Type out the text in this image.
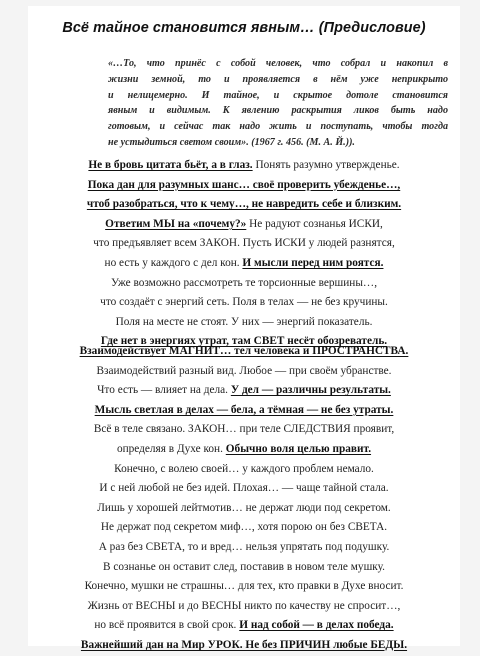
Всё тайное становится явным… (Предисловие)
«…То, что принёс с собой человек, что собрал и накопил в
жизни земной, то и проявляется в нём уже неприкрыто
и нелицемерно. И тайное, и скрытое дотоле становится
явным и видимым. К явлению раскрытия ликов быть надо
готовым, и сейчас так надо жить и поступать, чтобы тогда
не устыдиться светом своим». (1967 г. 456. (М. А. Й.)).
Не в бровь цитата бьёт, а в глаз. Понять разумно утвержденье.
Пока дан для разумных шанс… своё проверить убежденье…,
чтоб разобраться, что к чему…, не навредить себе и близким.
Ответим МЫ на «почему?» Не радуют сознанья ИСКИ,
что предъявляет всем ЗАКОН. Пусть ИСКИ у людей разнятся,
но есть у каждого с дел кон. И мысли перед ним роятся.
Уже возможно рассмотреть те торсионные вершины…,
что создаёт с энергий сеть. Поля в телах — не без кручины.
Поля на месте не стоят. У них — энергий показатель.
Где нет в энергиях утрат, там СВЕТ несёт обозреватель.
Взаимодействует МАГНИТ… тел человека и ПРОСТРАНСТВА.
Взаимодействий разный вид. Любое — при своём убранстве.
Что есть — влияет на дела. У дел — различны результаты.
Мысль светлая в делах — бела, а тёмная — не без утраты.
Всё в теле связано. ЗАКОН… при теле СЛЕДСТВИЯ проявит,
определяя в Духе кон. Обычно воля целью правит.
Конечно, с волею своей… у каждого проблем немало.
И с ней любой не без идей. Плохая… — чаще тайной стала.
Лишь у хорошей лейтмотив… не держат люди под секретом.
Не держат под секретом миф…, хотя порою он без СВЕТА.
А раз без СВЕТА, то и вред… нельзя упрятать под подушку.
В сознанье он оставит след, поставив в новом теле мушку.
Конечно, мушки не страшны… для тех, кто правки в Духе вносит.
Жизнь от ВЕСНЫ и до ВЕСНЫ никто по качеству не спросит…,
но всё проявится в свой срок. И над собой — в делах победа.
Важнейший дан на Мир УРОК. Не без ПРИЧИН любые БЕДЫ.
